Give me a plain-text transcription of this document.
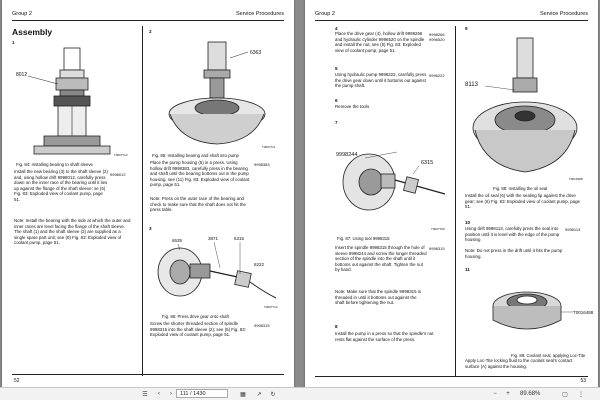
Group 2	Service Procedures
Assembly
1
8012
T0007713
Fig. 84: Installing bearing to shaft sleeve
9998012
Install the new bearing (3) to the shaft sleeve (2) and, using hollow drift 9998012, carefully press down on the inner race of the bearing until it lies up against the flange of the shaft sleeve; se (5) Fig. 83: Exploded view of coolant pump, page 51.
Note: Install the bearing with the side at which the outer and inner races are level facing the flange of the shaft sleeve. The shaft (1) and the shaft sleeve (2) are supplied as a single spare part unit; see (9) Fig. 83: Exploded view of coolant pump, page 51.
2
6363
T0007711
Fig. 85: Installing bearing and shaft into pump
9998383
Place the pump housing (5) in a press. Using hollow drift 9998383, carefully press in the bearing and shaft until the bearing bottoms out in the pump housing, see (11) Fig. 83: Exploded view of coolant pump, page 51.
Note: Press on the outer race of the bearing and check to make sure that the shaft does not hit the press table.
3
6535	3871	6315
6222
T0007714
Fig. 86: Press drive gear onto shaft
9998315
Screw the shorter threaded section of spindle 9998315 into the shaft sleeve (2); see (5) Fig. 83: Exploded view of coolant pump, page 51.
52
Group 2	Service Procedures
4
9998266
9996520
Place the drive gear (4), hollow drift 9998266 and hydraulic cylinder 9996520 on the spindle and install the nut, see (5) Fig. 83: Exploded view of coolant pump, page 51.
5
9996222
Using hydraulic pump 9996222, carefully press the drive gear down until it bottoms out against the pump shaft.
6
Remove the tools
7
9998244
6315
T0007709
Fig. 87: Using tool 9998315
9998315
Insert the spindle 9998315 through the hole of sleeve 9998244 and screw the longer threaded section of the spindle into the shaft until it bottoms out against the shaft. Tighten the nut by hand.
Note: Make sure that the spindle 9998315 is threaded in until it bottoms out against the shaft before tightening the nut.
8
Install the pump in a press so that the spindle's nut rests flat against the surface of the press.
9
8113
T0016488
Fig. 88: Installing the oil seal
Install the oil seal (6) with the sealing lip against the drive gear; see (6) Fig. 83: Exploded view of coolant pump, page 51.
10
9998113
Using drift 9998113, carefully press the seal into position until it is level with the edge of the pump housing
Note: Do not press in the drift until it hits the pump housing.
11
T0016488
Fig. 89: Coolant seal, applying Loc-Tite
Apply Loc-Tite locking fluid to the coolant seal's contact surface (A) against the housing.
53
☰	‹	›	111 / 1430	▦	↗	↻	−	+	89.68%	▢	⋮
